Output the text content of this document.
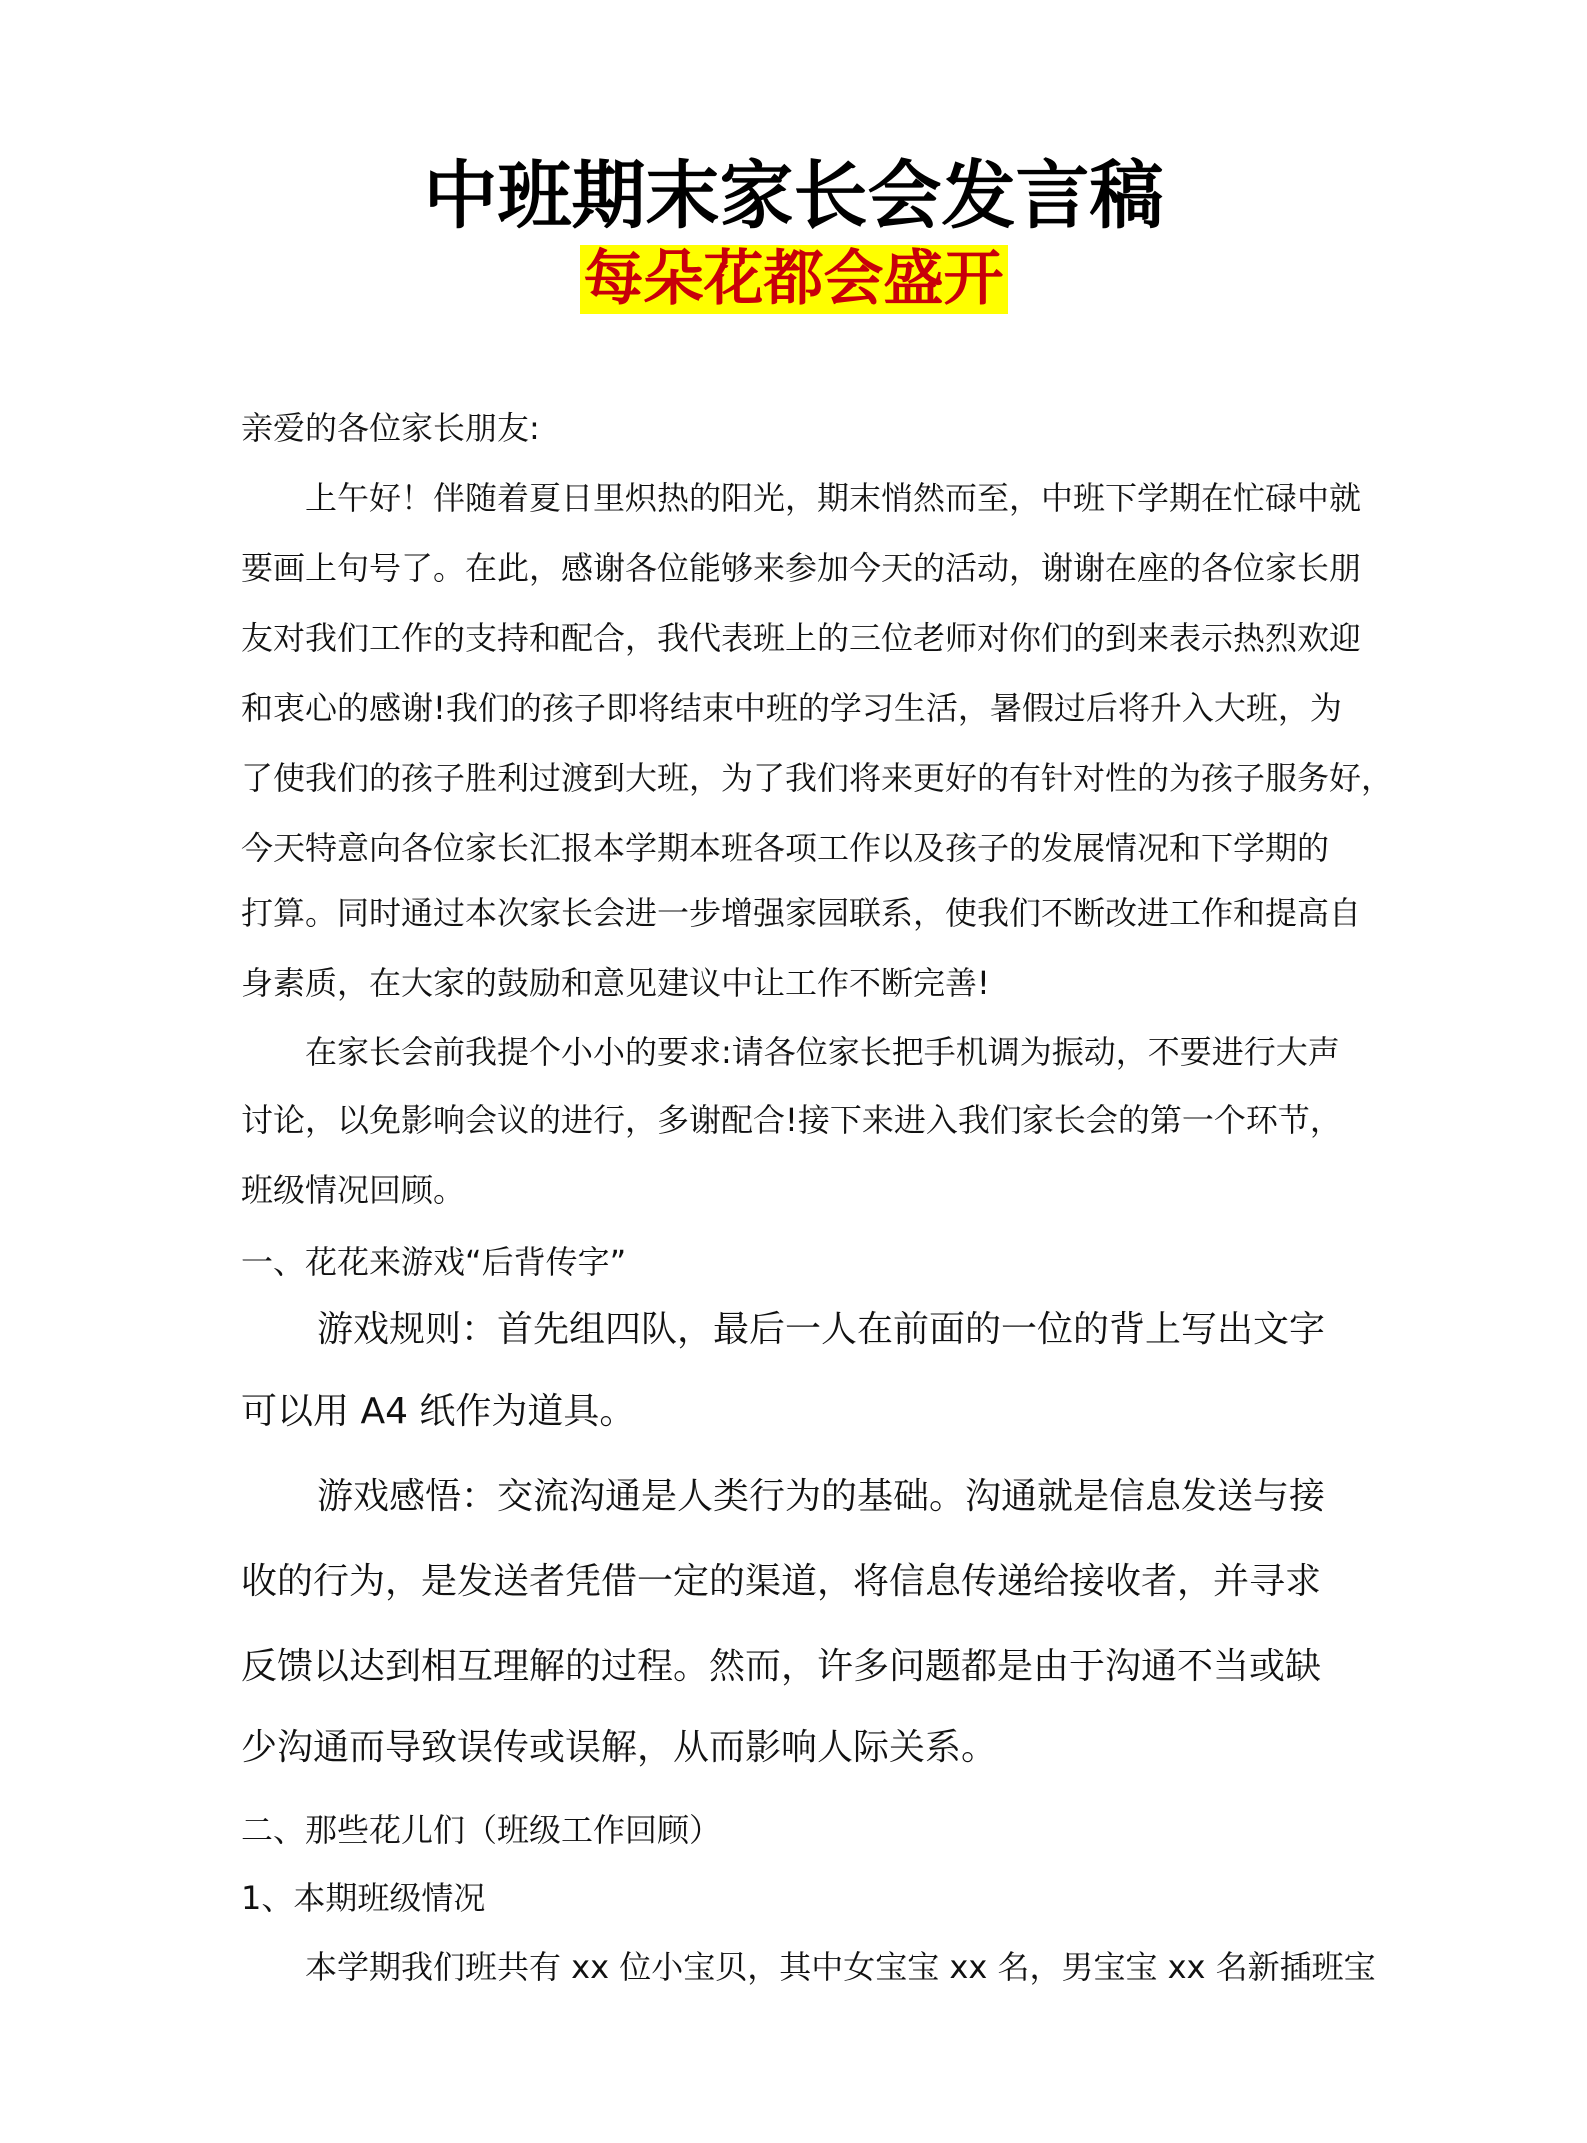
中班期末家长会发言稿
每朵花都会盛开
亲爱的各位家长朋友:
上午好！伴随着夏日里炽热的阳光，期末悄然而至，中班下学期在忙碌中就
要画上句号了。在此，感谢各位能够来参加今天的活动，谢谢在座的各位家长朋
友对我们工作的支持和配合，我代表班上的三位老师对你们的到来表示热烈欢迎
和衷心的感谢!我们的孩子即将结束中班的学习生活，暑假过后将升入大班，为
了使我们的孩子胜利过渡到大班，为了我们将来更好的有针对性的为孩子服务好，
今天特意向各位家长汇报本学期本班各项工作以及孩子的发展情况和下学期的
打算。同时通过本次家长会进一步增强家园联系，使我们不断改进工作和提高自
身素质，在大家的鼓励和意见建议中让工作不断完善!
在家长会前我提个小小的要求:请各位家长把手机调为振动，不要进行大声
讨论，以免影响会议的进行，多谢配合!接下来进入我们家长会的第一个环节，
班级情况回顾。
一、花花来游戏“后背传字”
游戏规则：首先组四队，最后一人在前面的一位的背上写出文字
可以用 A4 纸作为道具。
游戏感悟：交流沟通是人类行为的基础。沟通就是信息发送与接
收的行为，是发送者凭借一定的渠道，将信息传递给接收者，并寻求
反馈以达到相互理解的过程。然而，许多问题都是由于沟通不当或缺
少沟通而导致误传或误解，从而影响人际关系。
二、那些花儿们（班级工作回顾）
1、本期班级情况
本学期我们班共有 xx 位小宝贝，其中女宝宝 xx 名，男宝宝 xx 名新插班宝
